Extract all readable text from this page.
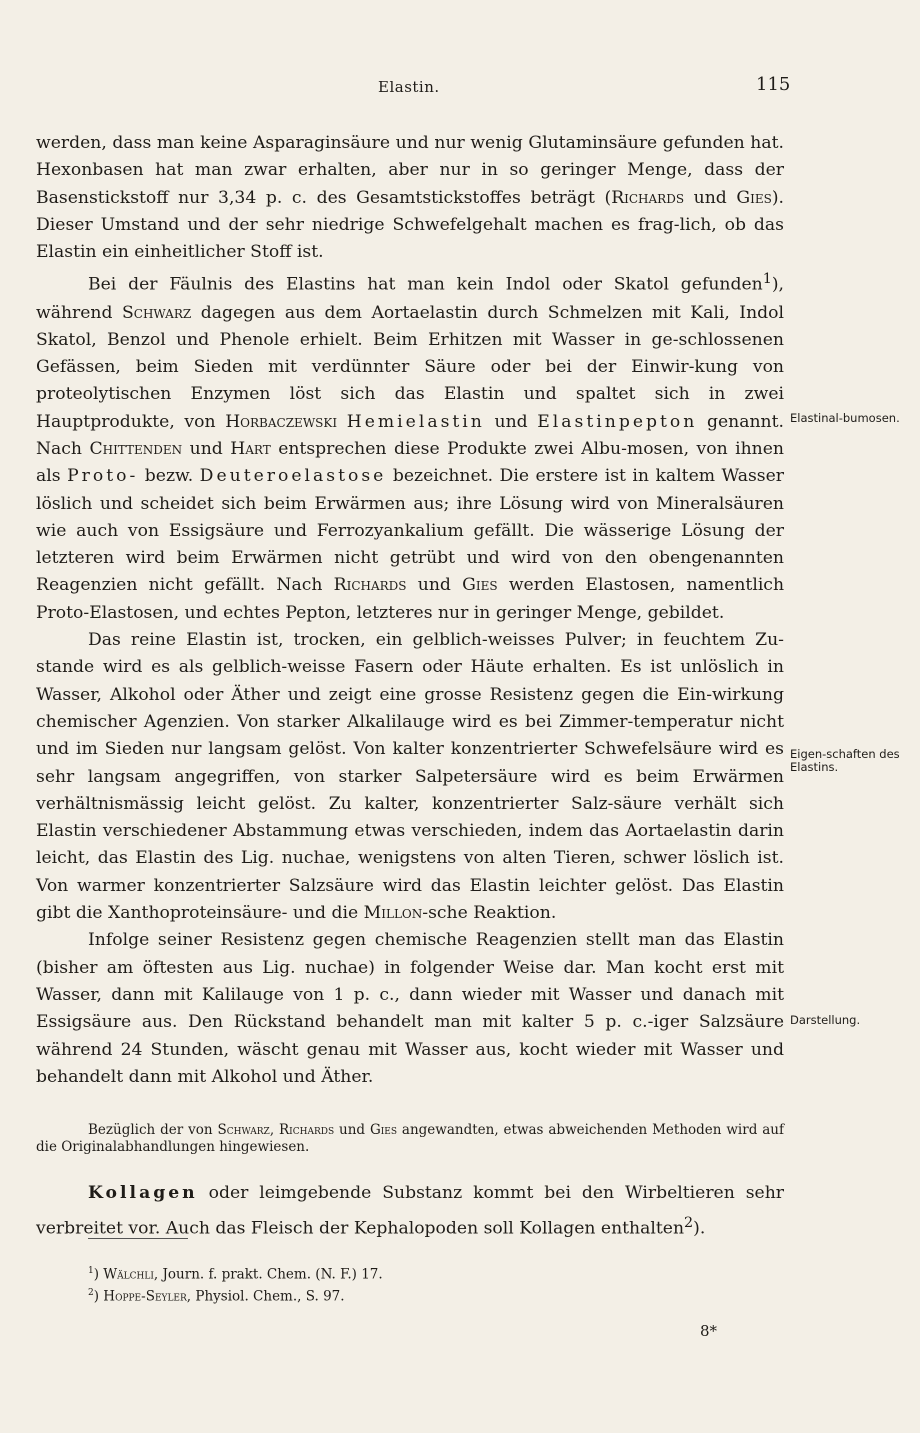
Elastin.	115

werden, dass man keine Asparaginsäure und nur wenig Glutaminsäure gefunden hat. Hexonbasen hat man zwar erhalten, aber nur in so geringer Menge, dass der Basenstickstoff nur 3,34 p. c. des Gesamtstickstoffes beträgt (Richards und Gies). Dieser Umstand und der sehr niedrige Schwefelgehalt machen es frag-lich, ob das Elastin ein einheitlicher Stoff ist.

Bei der Fäulnis des Elastins hat man kein Indol oder Skatol gefunden$^1$), während Schwarz dagegen aus dem Aortaelastin durch Schmelzen mit Kali, Indol Skatol, Benzol und Phenole erhielt. Beim Erhitzen mit Wasser in ge-schlossenen Gefässen, beim Sieden mit verdünnter Säure oder bei der Einwir-kung von proteolytischen Enzymen löst sich das Elastin und spaltet sich in zwei Hauptprodukte, von Horbaczewski Hemielastin und Elastinpepton genannt. Nach Chittenden und Hart entsprechen diese Produkte zwei Albu-mosen, von ihnen als Proto- bezw. Deuteroelastose bezeichnet. Die erstere ist in kaltem Wasser löslich und scheidet sich beim Erwärmen aus; ihre Lösung wird von Mineralsäuren wie auch von Essigsäure und Ferrozyankalium gefällt. Die wässerige Lösung der letzteren wird beim Erwärmen nicht getrübt und wird von den obengenannten Reagenzien nicht gefällt. Nach Richards und Gies werden Elastosen, namentlich Proto-Elastosen, und echtes Pepton, letzteres nur in geringer Menge, gebildet.

Das reine Elastin ist, trocken, ein gelblich-weisses Pulver; in feuchtem Zu-stande wird es als gelblich-weisse Fasern oder Häute erhalten. Es ist unlöslich in Wasser, Alkohol oder Äther und zeigt eine grosse Resistenz gegen die Ein-wirkung chemischer Agenzien. Von starker Alkalilauge wird es bei Zimmer-temperatur nicht und im Sieden nur langsam gelöst. Von kalter konzentrierter Schwefelsäure wird es sehr langsam angegriffen, von starker Salpetersäure wird es beim Erwärmen verhältnismässig leicht gelöst. Zu kalter, konzentrierter Salz-säure verhält sich Elastin verschiedener Abstammung etwas verschieden, indem das Aortaelastin darin leicht, das Elastin des Lig. nuchae, wenigstens von alten Tieren, schwer löslich ist. Von warmer konzentrierter Salzsäure wird das Elastin leichter gelöst. Das Elastin gibt die Xanthoproteinsäure- und die Millon-sche Reaktion.

Infolge seiner Resistenz gegen chemische Reagenzien stellt man das Elastin (bisher am öftesten aus Lig. nuchae) in folgender Weise dar. Man kocht erst mit Wasser, dann mit Kalilauge von 1 p. c., dann wieder mit Wasser und danach mit Essigsäure aus. Den Rückstand behandelt man mit kalter 5 p. c.-iger Salzsäure während 24 Stunden, wäscht genau mit Wasser aus, kocht wieder mit Wasser und behandelt dann mit Alkohol und Äther.

Elastinal-bumosen.
Eigen-schaften des Elastins.
Darstellung.
Bezüglich der von Schwarz, Richards und Gies angewandten, etwas abweichenden Methoden wird auf die Originalabhandlungen hingewiesen.
Kollagen oder leimgebende Substanz kommt bei den Wirbeltieren sehr verbreitet vor. Auch das Fleisch der Kephalopoden soll Kollagen enthalten$^2$).
$^1$) Wälchli, Journ. f. prakt. Chem. (N. F.) 17.
$^2$) Hoppe-Seyler, Physiol. Chem., S. 97.
8*
